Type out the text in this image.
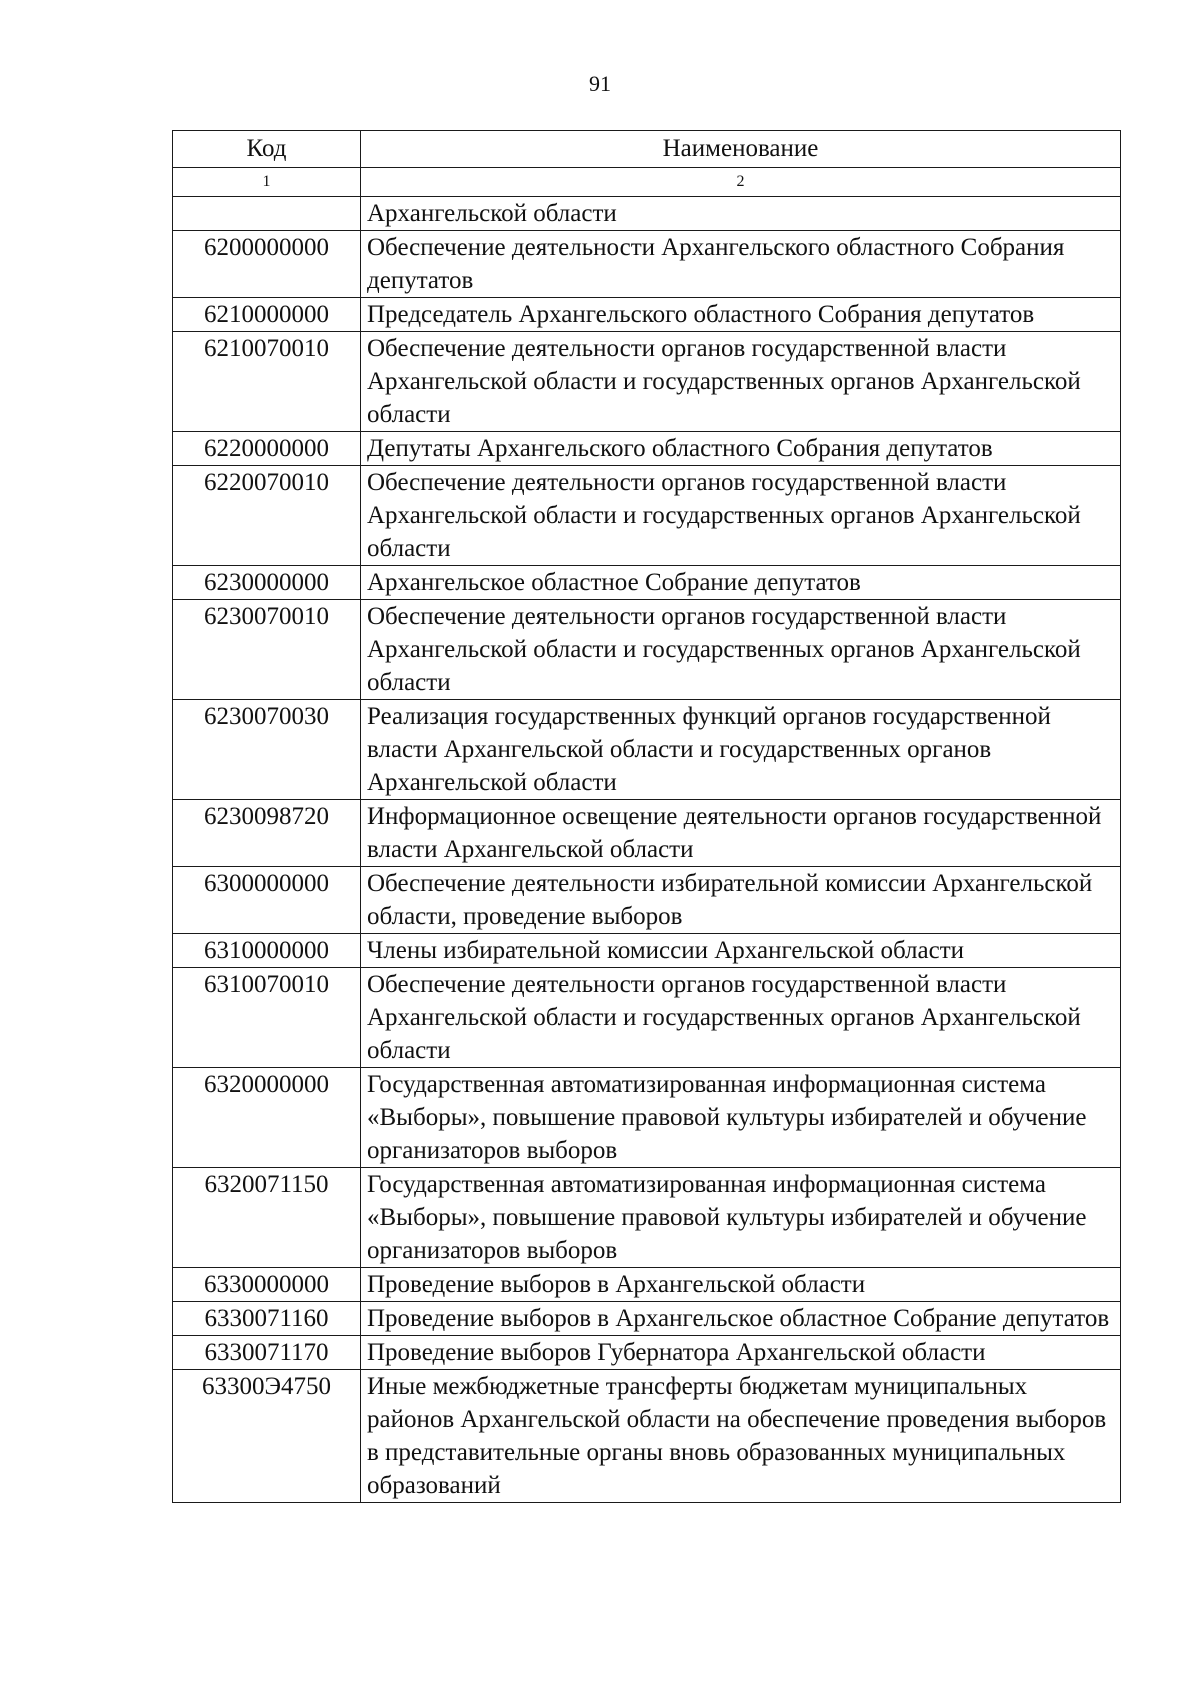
91
Код	Наименование
1	2
	Архангельской области
6200000000	Обеспечение деятельности Архангельского областного Собрания депутатов
6210000000	Председатель Архангельского областного Собрания депутатов
6210070010	Обеспечение деятельности органов государственной власти Архангельской области и государственных органов Архангельской области
6220000000	Депутаты Архангельского областного Собрания депутатов
6220070010	Обеспечение деятельности органов государственной власти Архангельской области и государственных органов Архангельской области
6230000000	Архангельское областное Собрание депутатов
6230070010	Обеспечение деятельности органов государственной власти Архангельской области и государственных органов Архангельской области
6230070030	Реализация государственных функций органов государственной власти Архангельской области и государственных органов Архангельской области
6230098720	Информационное освещение деятельности органов государственной власти Архангельской области
6300000000	Обеспечение деятельности избирательной комиссии Архангельской области, проведение выборов
6310000000	Члены избирательной комиссии Архангельской области
6310070010	Обеспечение деятельности органов государственной власти Архангельской области и государственных органов Архангельской области
6320000000	Государственная автоматизированная информационная система «Выборы», повышение правовой культуры избирателей и обучение организаторов выборов
6320071150	Государственная автоматизированная информационная система «Выборы», повышение правовой культуры избирателей и обучение организаторов выборов
6330000000	Проведение выборов в Архангельской области
6330071160	Проведение выборов в Архангельское областное Собрание депутатов
6330071170	Проведение выборов Губернатора Архангельской области
63300Э4750	Иные межбюджетные трансферты бюджетам муниципальных районов Архангельской области на обеспечение проведения выборов в представительные органы вновь образованных муниципальных образований
